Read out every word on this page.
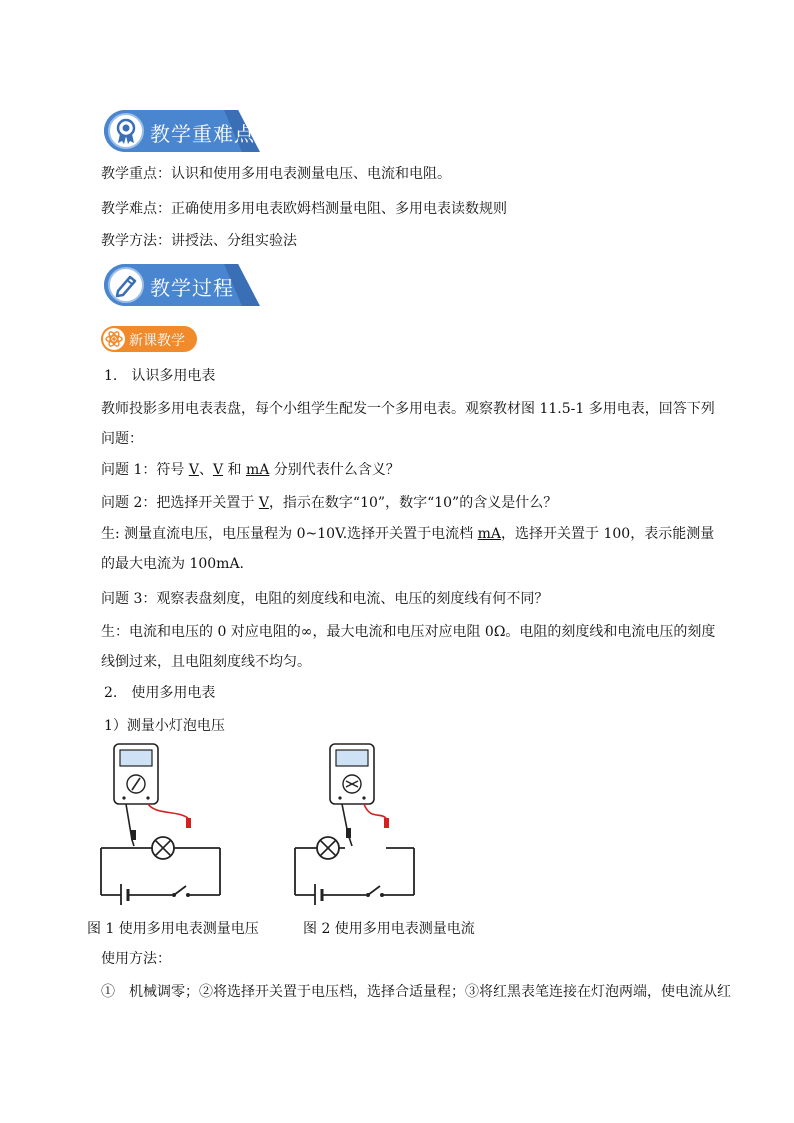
教学重难点
教学重点：认识和使用多用电表测量电压、电流和电阻。
教学难点：正确使用多用电表欧姆档测量电阻、多用电表读数规则
教学方法：讲授法、分组实验法
教学过程
新课教学
1.　认识多用电表
教师投影多用电表表盘，每个小组学生配发一个多用电表。观察教材图 11.5-1 多用电表，回答下列问题：
问题 1：符号 V、V 和 mA 分别代表什么含义？
问题 2：把选择开关置于 V，指示在数字“10”，数字“10”的含义是什么？
生: 测量直流电压，电压量程为 0~10V.选择开关置于电流档 mA，选择开关置于 100，表示能测量的最大电流为 100mA.
问题 3：观察表盘刻度，电阻的刻度线和电流、电压的刻度线有何不同？
生：电流和电压的 0 对应电阻的∞，最大电流和电压对应电阻 0Ω。电阻的刻度线和电流电压的刻度线倒过来，且电阻刻度线不均匀。
2.　使用多用电表
1）测量小灯泡电压
图 1 使用多用电表测量电压	图 2 使用多用电表测量电流
使用方法：
①　机械调零；②将选择开关置于电压档，选择合适量程；③将红黑表笔连接在灯泡两端，使电流从红
